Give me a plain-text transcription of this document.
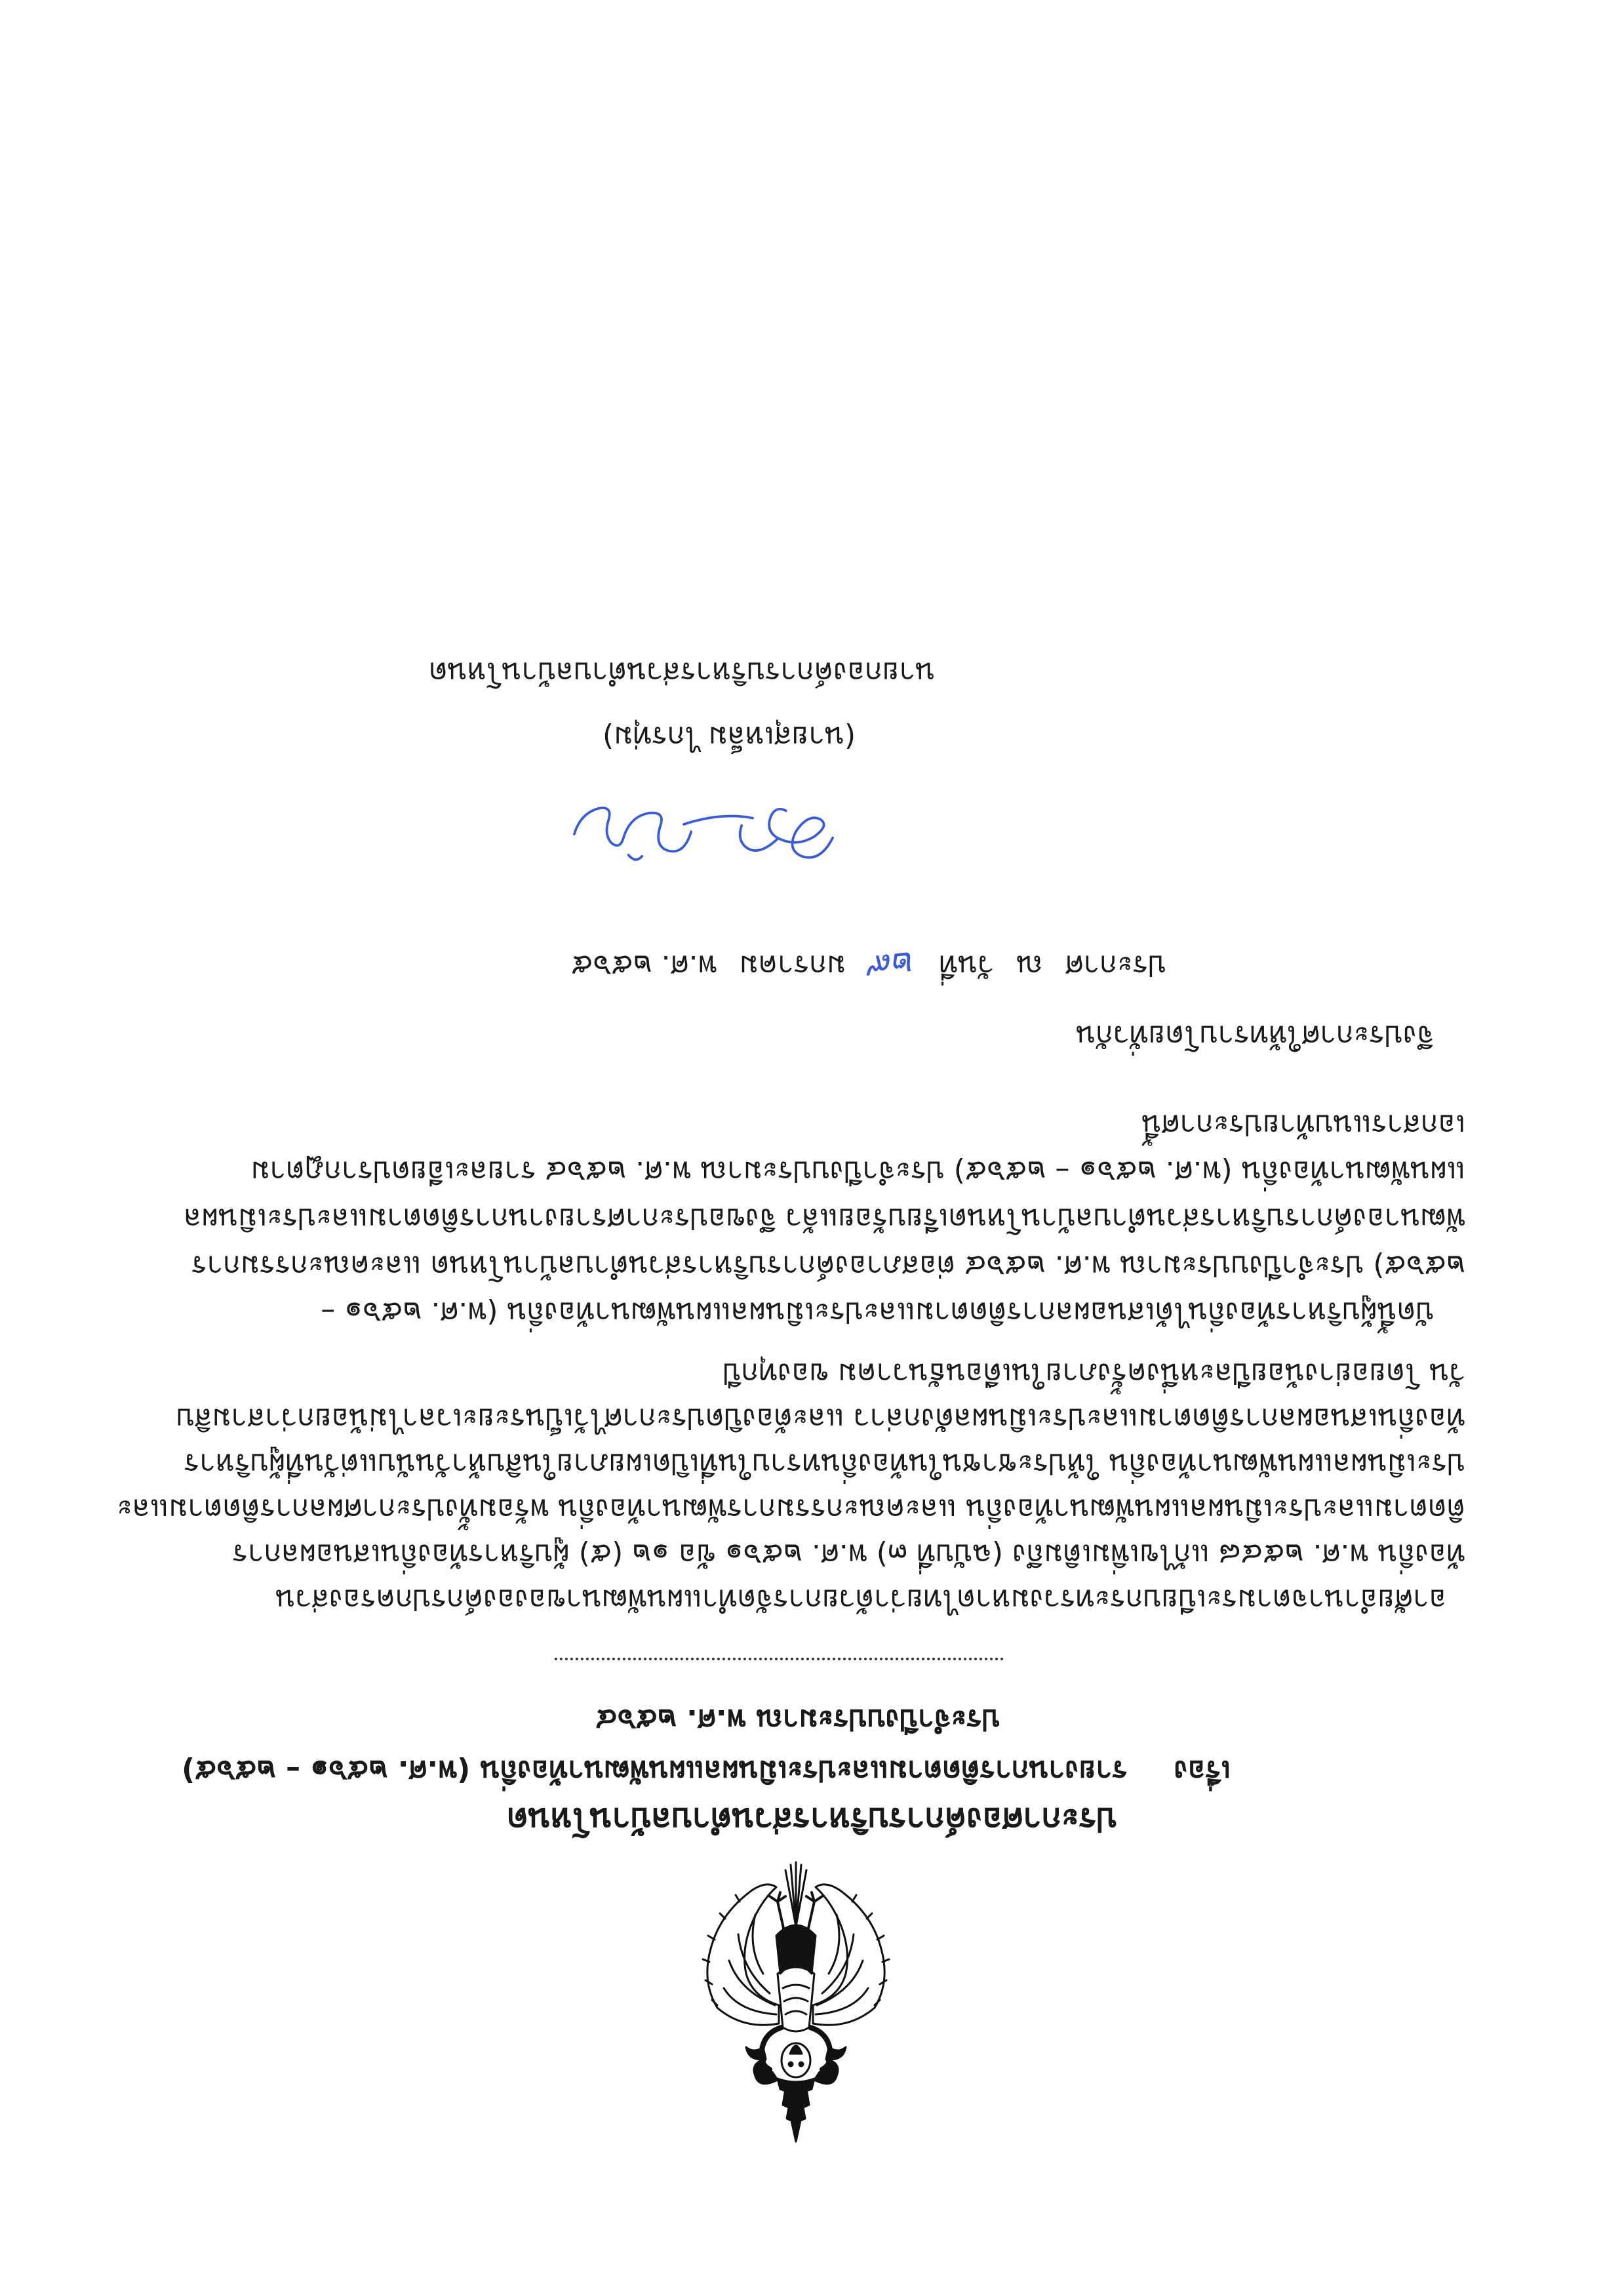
ประกาศองค์การบริหารส่วนตำบลบ้านโหนด
เรื่อง  รายงานการติดตามและประเมินผลแผนพัฒนาท้องถิ่น (พ.ศ. ๒๕๖๑ – ๒๕๖๕)
ประจำปีงบประมาณ พ.ศ. ๒๕๖๔
อาศัยอำนาจตามระเบียบกระทรวงมหาดไทยว่าด้วยการจัดทำแผนพัฒนาขององค์กรปกครองส่วน
ท้องถิ่น พ.ศ. ๒๕๔๘ แก้ไขเพิ่มเติมถึง (ฉบับที่ ๓) พ.ศ. ๒๕๖๑ ข้อ ๑๒ (๕) ผู้บริหารท้องถิ่นเสนอผลการ
ติดตามและประเมินผลแผนพัฒนาท้องถิ่น และคณะกรรมการพัฒนาท้องถิ่น พร้อมทั้งประกาศผลการติดตามและ
ประเมินผลแผนพัฒนาท้องถิ่น ให้ประชาชนในท้องถิ่นทราบในที่เปิดเผยภายในสิบห้าวันนับแต่วันที่ผู้บริหาร
ท้องถิ่นเสนอผลการติดตามและประเมินผลดังกล่าว และต้องปิดประกาศไว้เป็นระยะเวลาไม่น้อยกว่าสามสิบ
วัน โดยอย่างน้อยปีละหนึ่งครั้งภายในเดือนธันวาคม ของทุกปี
บัดนี้ผู้บริหารท้องถิ่นได้เสนอผลการติดตามและประเมินผลแผนพัฒนาท้องถิ่น (พ.ศ. ๒๕๖๑ –
๒๕๖๕) ประจำปีงบประมาณ พ.ศ. ๒๕๖๔ ต่อสภาองค์การบริหารส่วนตำบลบ้านโหนด และคณะกรรมการ
พัฒนาองค์การบริหารส่วนตำบลบ้านโหนดเรียบร้อยแล้ว จึงขอประกาศรายงานการติดตามและประเมินผล
แผนพัฒนาท้องถิ่น (พ.ศ. ๒๕๖๑ – ๒๕๖๕) ประจำปีงบประมาณ พ.ศ. ๒๕๖๔ รายละเอียดปรากฏตาม
เอกสารแนบท้ายประกาศนี้
จึงประกาศให้ทราบโดยทั่วกัน
ประกาศ
ณ
วันที่
๒๙
มกราคม
พ.ศ. ๒๕๖๕
(นายสุเหล็ม ไกรทุ่ม)
นายกองค์การบริหารส่วนตำบลบ้านโหนด
